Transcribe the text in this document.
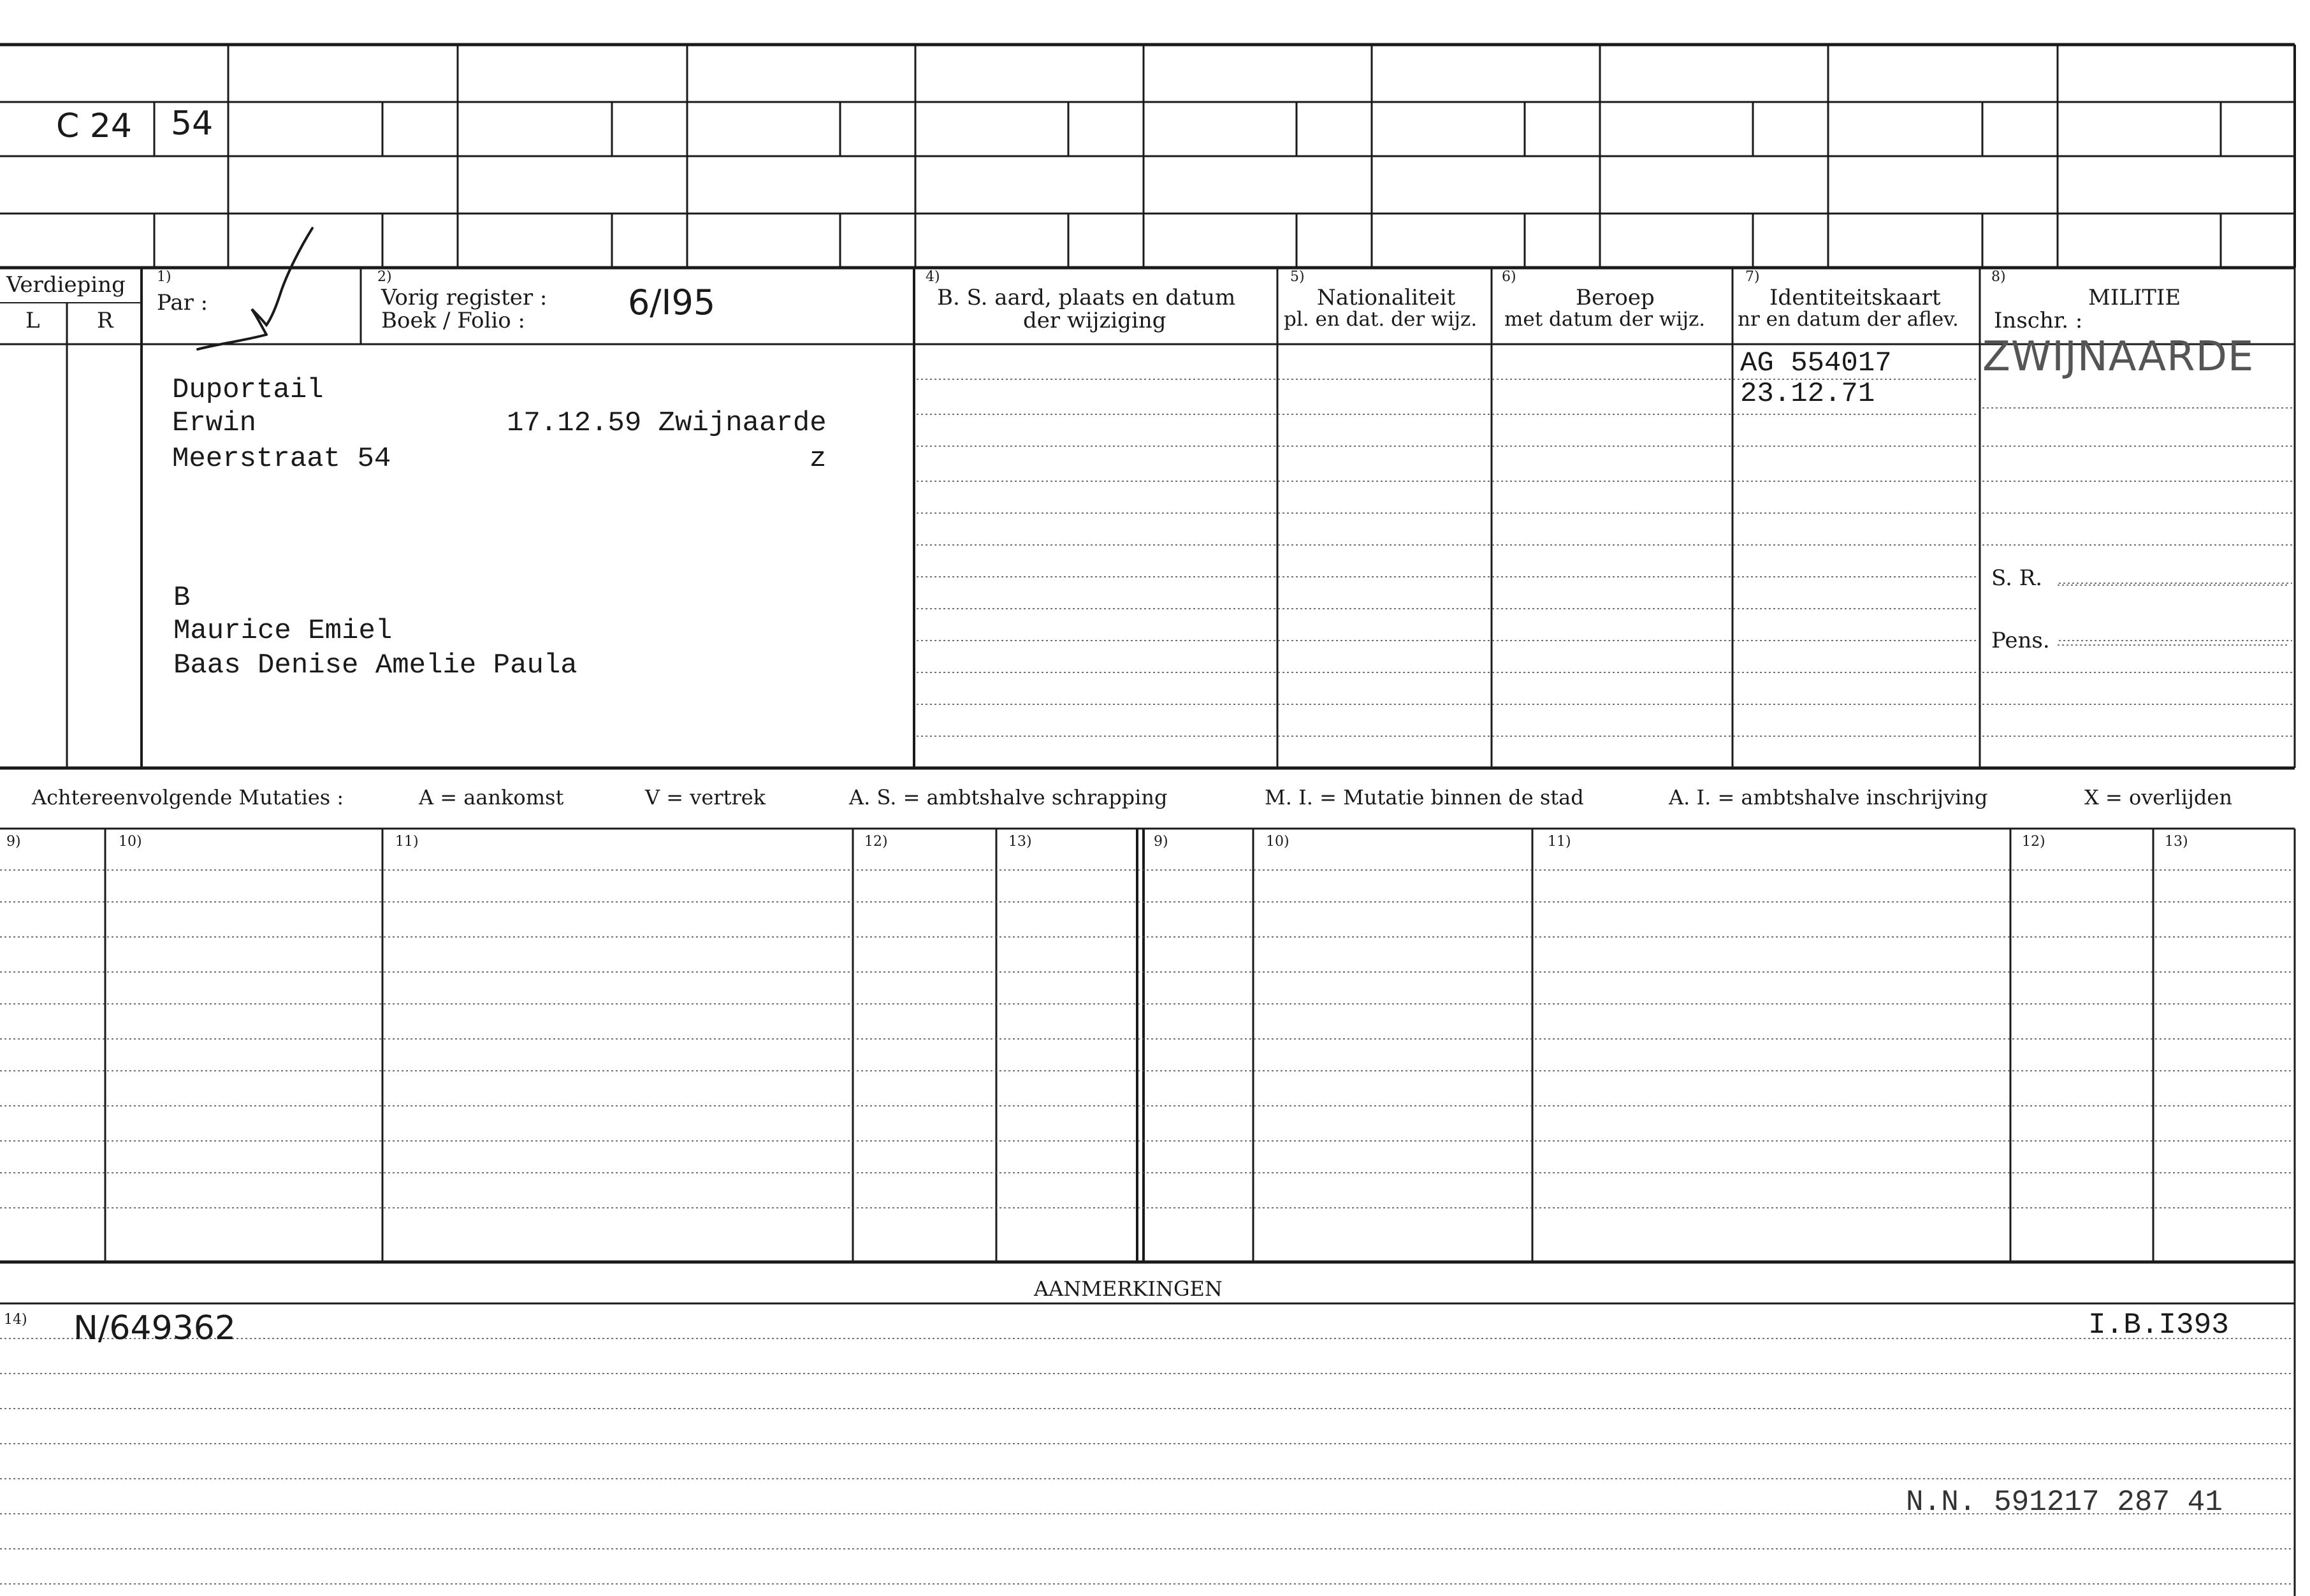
C 24 54
Verdieping
L	R
1)
Par :
2)
Vorig register :
Boek / Folio :	6/I95
4)
B. S. aard, plaats en datum
der wijziging
5)
Nationaliteit
pl. en dat. der wijz.
6)
Beroep
met datum der wijz.
7)
Identiteitskaart
nr en datum der aflev.
8)
MILITIE
Inschr. :
Duportail
Erwin	17.12.59 Zwijnaarde
Meerstraat 54	z
B
Maurice Emiel
Baas Denise Amelie Paula
AG 554017
23.12.71
ZWIJNAARDE
S. R.
Pens.
Achtereenvolgende Mutaties :	A = aankomst	V = vertrek	A. S. = ambtshalve schrapping	M. I. = Mutatie binnen de stad	A. I. = ambtshalve inschrijving	X = overlijden
9)	10)	11)	12)	13)	9)	10)	11)	12)	13)
AANMERKINGEN
14) N/649362	I.B.I393
N.N. 591217 287 41
